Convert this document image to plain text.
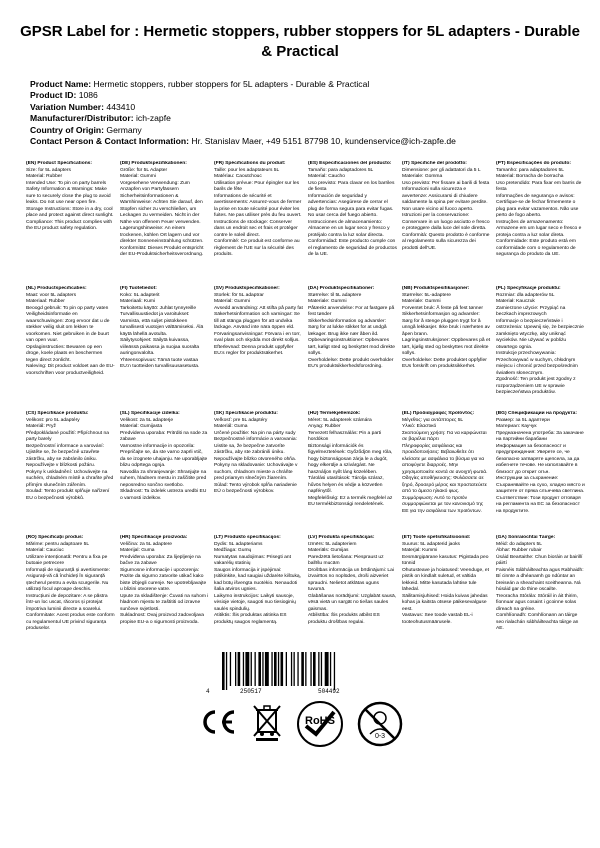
GPSR Label for : Hermetic stoppers, rubber stoppers for 5L adapters - Durable & Practical
Product Name: Hermetic stoppers, rubber stoppers for 5L adapters - Durable & Practical
Product ID: 1086
Variation Number: 443410
Manufacturer/Distributor: ich-zapfe
Country of Origin: Germany
Contact Person & Contact Information: Hr. Stanislav Maer, +49 5151 87798 10, kundenservice@ich-zapfe.de

(EN) Product Specifications:

Size: for 5L adapters
Material: Rubber
Intended Use: To pin on party barrels
Safety Information & Warnings: Make sure to securely close the plug to avoid leaks. Do not use near open fire.
Storage Instructions: Store in a dry, cool place and protect against direct sunlight.
Compliance: This product complies with the EU product safety regulation.

(DE) Produktspezifikationen:

Größe: für 5L Adapter
Material: Gummi
Vorgesehene Verwendung: Zum Anzapfen von Partyfässern
Sicherheitsinformationen & Warnhinweise: Achten Sie darauf, den Stopfen sicher zu verschließen, um Leckagen zu vermeiden. Nicht in der Nähe von offenem Feuer verwenden.
Lagerungshinweise: An einem trockenen, kühlen Ort lagern und vor direkter Sonneneinstrahlung schützen.
Konformität: Dieses Produkt entspricht der EU-Produktsicherheitsverordnung.

(FR) Spécifications du produit:

Taille: pour les adaptateurs 5L
Matériau: Caoutchouc
Utilisation prévue: Pour épingler sur les barils de fête
Informations de sécurité et avertissements: Assurez-vous de fermer la prise en toute sécurité pour éviter les fuites. Ne pas utiliser près du feu ouvert.
Instructions de stockage: Conserver dans un endroit sec et frais et protéger contre le soleil direct.
Conformité: Ce produit est conforme au règlement de l'UE sur la sécurité des produits.

(ES) Especificaciones del producto:

Tamaño: para adaptadores 5L
Material: Caucho
Uso previsto: Para clavar en los barriles de fiesta
Información de seguridad y advertencias: Asegúrese de cerrar el plug de forma segura para evitar fugas. No usar cerca del fuego abierto.
Instrucciones de almacenamiento: Almacene en un lugar seco y fresco y protéjalo contra la luz solar directa.
Conformidad: Este producto cumple con el reglamento de seguridad de productos de la UE.

(IT) Specifiche del prodotto:

Dimensione: per gli adattatori da 5 L
Materiale: Gomma
Uso previsto: Per fissare ai barili di festa
Informazioni sulla sicurezza e avvertenze: Assicurarsi di chiudere saldamente la spina per evitare perdite. Non usare vicino al fuoco aperto.
Istruzioni per la conservazione: Conservare in un luogo asciutto e fresco e proteggere dalla luce del sole diretta.
Conformità: Questo prodotto è conforme al regolamento sulla sicurezza dei prodotti dell'UE.

(PT) Especificações do produto:

Tamanho: para adaptadores 5L
Material: Borracha de borracha
Uso pretendido: Para fixar em barris de festa
Informações de segurança e avisos: Certifique-se de fechar firmemente o plug para evitar vazamentos. Não use perto de fogo aberto.
Instruções de armazenamento: Armazene em um lugar seco e fresco e proteja contra a luz solar direta.
Conformidade: Este produto está em conformidade com o regulamento de segurança do produto da UE.

(NL) Productspecificaties:

Maat: voor 5L adapters
Materiaal: Rubber
Beoogd gebruik: To pin op party vaten
Veiligheidsinformatie en waarschuwingen: Zorg ervoor dat u de stekker veilig sluit om lekken te voorkomen. Niet gebruiken in de buurt van open vuur.
Opslaginstructies: Bewaren op een droge, koele plaats en beschermen tegen direct zonlicht.
Naleving: Dit product voldoet aan de EU-voorschriften voor productveiligheid.

(FI) Tuotetiedot:

Koko: 5L adapterit
Materiaali: Kumi
Tarkoitettu käyttö: Juhlat tynnyreille
Turvallisuustiedot ja varoitukset: Varmista, että suljet pistokkeen turvallisesti vuotojen välttämiseksi. Älä käytä lähellä avotulta.
Säilytysohjeet: Säilytä kuivassa, viileässä paikassa ja suojaa suoralta auringonvalolta.
Yhteensopivuus: Tämä tuote vastaa EU:n tuotteiden turvallisuusasetusta.

(SV) Produktspecifikationer:

Storlek: för 5L adaptrar
Material: Gummi
Avsedd användning: Att stifta på party fat
Säkerhetsinformation och varningar: Se till att stänga pluggen för att undvika läckage. Använd inte nära öppen eld.
Förvaringsanvisningar: Förvara i en torr, sval plats och skydda mot direkt solljus.
Efterlevnad: Denna produkt uppfyller EU:s regler för produktsäkerhet.

(DA) Produktspecifikationer:

Størrelse: til 5L adaptere
Materiale: Gummi
Påtænkt anvendelse: For at fastgøre på fest tønder
Sikkerhedsinformation og advarsler: Sørg for at lukke stikket for at undgå lækager. Brug ikke nær åben ild.
Opbevaringsinstruktioner: Opbevares tørt, køligt sted og beskyttet mod direkte sollys.
Overholdelse: Dette produkt overholder EU's produktsikkerhedsforordning.

(NB) Produktspesifikasjoner:

Størrelse: 5L-adaptere
Materiale: Gummi
Forventet bruk: Å feste på fest tønner
Sikkerhetsinformasjon og advarsler: Sørg for å stenge pluggen trygt for å unngå lekkasjer. Ikke bruk i nærheten av åpen brann.
Lagringsinstruksjoner: Oppbevares på et tørt, kjølig sted og beskyttes mot direkte sollys.
Overholdelse: Dette produktet oppfyller EUs forskrift om produktsikkerhet.

(PL) Specyfikacje produktu:

Rozmiar: dla adapterów 5L
Materiał: Kauczuk
Zamierzone użycie: Przypiąć na beczkach imprezowych
Informacje o bezpieczeństwie i ostrzeżenia: Upewnij się, że bezpiecznie zamknięto wtyczkę, aby uniknąć wycieków. Nie używać w pobliżu otwartego ognia.
Instrukcje przechowywania: Przechowywać w suchym, chłodnym miejscu i chronić przed bezpośrednim światłem słonecznym.
Zgodność: Ten produkt jest zgodny z rozporządzeniem UE w sprawie bezpieczeństwa produktów.

(CS) Specifikace produktu:

Velikost: pro 5L adaptéry
Materiál: Pryž
Předpokládané použití: Připíchnout na party barely
Bezpečnostní informace a varování: Ujistěte se, že bezpečně uzavřete zástrčku, aby se zabránilo úniku. Nepoužívejte v blízkosti požáru.
Pokyny k uskladnění: Uchovávejte na suchém, chladném místě a chraňte před přímým slunečním zářením.
Soulad: Tento produkt splňuje nařízení EU o bezpečnosti výrobků.

(SL) Specifikacije izdelka:

Velikost: za 5L adapterje
Material: Gumijasta
Predvidena uporaba: Pritrditi na sode za zabave
Varnostne informacije in opozorila: Prepričajte se, da ste varno zaprli vtič, da se izognete uhajanju. Ne uporabljajte blizu odprtega ognja.
Navodila za shranjevanje: Shranjujte na suhem, hladnem mestu in zaščitite pred neposredno sončno svetlobo.
Skladnost: Ta izdelek ustreza uredbi EU o varnosti izdelkov.

(SK) Špecifikácie produktu:

Veľkosť: pre 5L adaptéry
Materiál: Guma
Určené použitie: Na pin na párty sudy
Bezpečnostné informácie a varovania: Uistite sa, že bezpečne zatvoríte zástrčku, aby ste zabránili úniku. Nepoužívajte blízko otvoreného ohňa.
Pokyny na skladovanie: Uchovávajte v suchom, chladnom mieste a chráňte pred priamym slnečným žiarením.
Súlad: Tento výrobok spĺňa nariadenie EÚ o bezpečnosti výrobkov.

(HU) Termékjellemzők:

Méret: 5L adapterek számára
Anyag: Rubber
Tervezett felhasználás: Pin a parti hordókon
Biztonsági információk és figyelmeztetések: Győződjön meg róla, hogy biztonságosan zárja le a dugót, hogy elkerülje a szivárgást. Ne használjon nyílt láng közelében.
Tárolási utasítások: Tárolja száraz, hűvös helyen és védje a közvetlen napfénytől.
Megfelelőség: Ez a termék megfelel az EU termékbiztonsági rendeletének.

(EL) Προδιαγραφές προϊόντος:

Μέγεθος: για αντάπτορες 5L
Υλικό: Ελαστικό
Σκοπούμενη χρήση: Για να καρφώνεται σε βαρέλια πάρτι
Πληροφορίες ασφάλειας και προειδοποιήσεις: Βεβαιωθείτε ότι κλείσατε με ασφάλεια το βύσμα για να αποφύγετε διαρροές. Μην χρησιμοποιείτε κοντά σε ανοιχτή φωτιά.
Οδηγίες αποθήκευσης: Φυλάσσετε σε ξηρό, δροσερό μέρος και προστατεύετε από το άμεσο ηλιακό φως.
Συμμόρφωση: Αυτό το προϊόν συμμορφώνεται με τον κανονισμό της ΕΕ για την ασφάλεια των προϊόντων.

(BG) Спецификации на продукта:

Размер: за 5L адаптери
Материал: Каучук
Предназначена употреба: За закачане на партийни барабани
Информация за безопасност и предупреждения: Уверете се, че безопасно затваряте щепсела, за да избегнете течове. Не използвайте в близост до открит огън.
Инструкции за съхранение: Съхранявайте на сухо, хладно място и защитете от пряка слънчева светлина.
Съответствие: Този продукт отговаря на регламента на ЕС за безопасност на продуктите.

(RO) Specificații produs:

Mărime: pentru adaptoare 5L
Material: Cauciuc
Utilizare intenționată: Pentru a fixa pe butoaie petrecere
Informații de siguranță și avertismente: Asigurați-vă că închideți în siguranță ștecherul pentru a evita scurgerile. Nu utilizați focul aproape deschis.
Instrucțiuni de depozitare: A se păstra într-un loc uscat, răcoros și protejat împotriva luminii directe a soarelui.
Conformitate: Acest produs este conform cu regulamentul UE privind siguranța produselor.

(HR) Specifikacije proizvoda:

Veličina: za 5L adaptere
Materijal: Guma
Predviđena uporaba: Za lijepljenje na bačve za zabave
Sigurnosne informacije i upozorenja: Pazite da sigurno zatvorite utikač kako biste izbjegli curenje. Ne upotrebljavajte u blizini otvorene vatre.
Upute za skladištenje: Čuvati na suhom i hladnom mjestu te zaštititi od izravne sunčeve svjetlosti.
Sukladnost: Ovaj proizvod zadovoljava propise EU-a o sigurnosti proizvoda.

(LT) Produkto specifikacijos:

Dydis: 5L adapteriams
Medžiaga: Gumų
Numatytas naudojimas: Prisegti ant vakarėlių statinių
Saugos informacija ir įspėjimai: Įsitikinkite, kad saugiai uždarėte kištuką, kad būtų išvengta nuotėkio. Nenaudoti šalia atviros ugnies.
Laikymo instrukcijos: Laikyti sausoje, vėsioje vietoje, saugoti nuo tiesioginių saulės spindulių.
Atitiktis: Šis produktas atitinka ES produktų saugos reglamentą.

(LV) Produkta specifikācijas:

Izmērs: 5L adapteriem
Materiāls: Gumijas
Paredzētā lietošana: Piespraust uz ballīšu mucām
Drošības informācija un brīdinājumi: Lai izvairītos no noplūdes, droši aizveriet spraudni. Nelietot atklātas uguns tuvumā.
Glabāšanas norādījumi: Uzglabāt sausā, vēsā vietā un sargāt no tiešas saules gaismas.
Atbilstība: Šis produkts atbilst ES produktu drošības regulai.

(ET) Toote spetsifikatsioonid:

Suurus: 5L adapterid jaoks
Materjal: Kummi
Eesmärgipärane kasutus: Pigistada peo tünnid
Ohutusteave ja hoiatused: Veenduge, et pistik on kindlalt suletud, et vältida lekkeid. Mitte kasutada lahtise tule lähedal.
Säilitamisjuhised: Hoida kuivas jahedas kohas ja kaitsta otsese päikesevalguse eest.
Vastavus: See toode vastab EL-i tooteohutusmäärusele.

(GA) Sonraíochtaí Táirge:

Méid: do adapters 5L
Ábhar: Rubber rubair
Úsáid Beartaithe: Chun bioráin ar bairillí páirtí
Faisnéis Sábháilteachta agus Rabhaidh: Bí cinnte a dhéanamh go ndúntar an breiseán a sheachaint sceitheanna. Ná húsáid gar do thine oscailte.
Treoracha Stórála: Stóráil in áit thirim, fionnuar agus cosaint i gcoinne solas díreach na gréine.
Comhlíonadh: Comhlíonann an táirge seo rialachán sábháilteachta táirge an AE.

4	250517	504492
RoHS
0-3
